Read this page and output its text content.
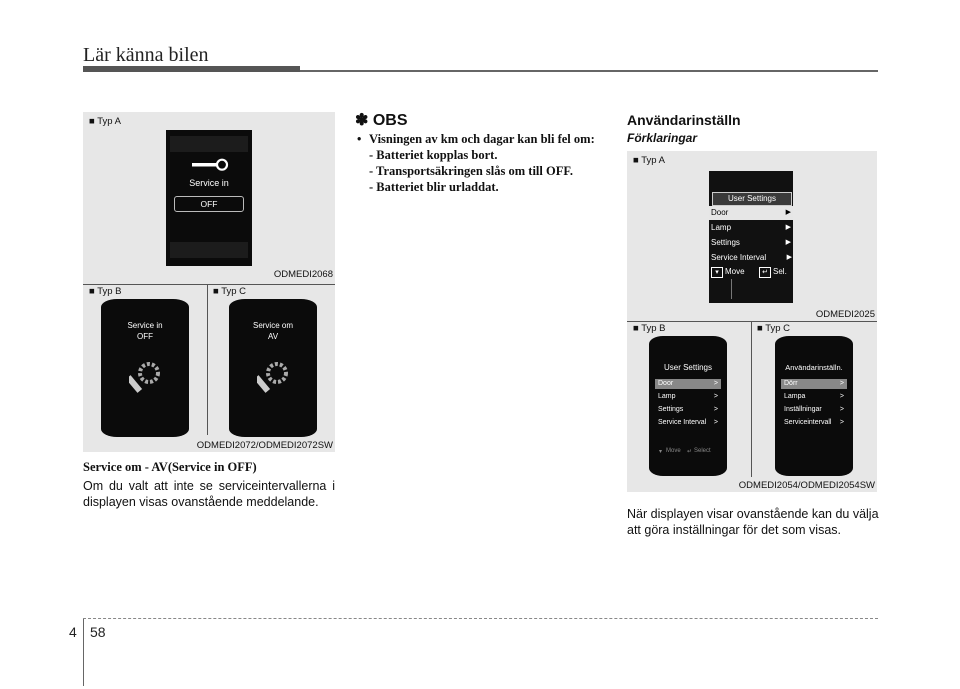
Lär känna bilen
■ Typ A
Service in
OFF
ODMEDI2068
■ Typ B	■ Typ C
Service in
OFF
Service om
AV
ODMEDI2072/ODMEDI2072SW
Service om - AV(Service in OFF)
Om du valt att inte se serviceintervallerna i displayen visas ovanstående meddelande.
✽ OBS
• Visningen av km och dagar kan bli fel om:
- Batteriet kopplas bort.
- Transportsäkringen slås om till OFF.
- Batteriet blir urladdat.
Användarinställn
Förklaringar
■ Typ A
User Settings
Door	▶
Lamp	▶
Settings	▶
Service Interval	▶
▾ Move	↵ Sel.
ODMEDI2025
■ Typ B	■ Typ C
User Settings
Door	>
Lamp	>
Settings	>
Service Interval >
▾ Move ↵ Select
Användarinställn.
Dörr	>
Lampa	>
Inställningar	>
Serviceintervall >
ODMEDI2054/ODMEDI2054SW
När displayen visar ovanstående kan du välja att göra inställningar för det som visas.
4 58
